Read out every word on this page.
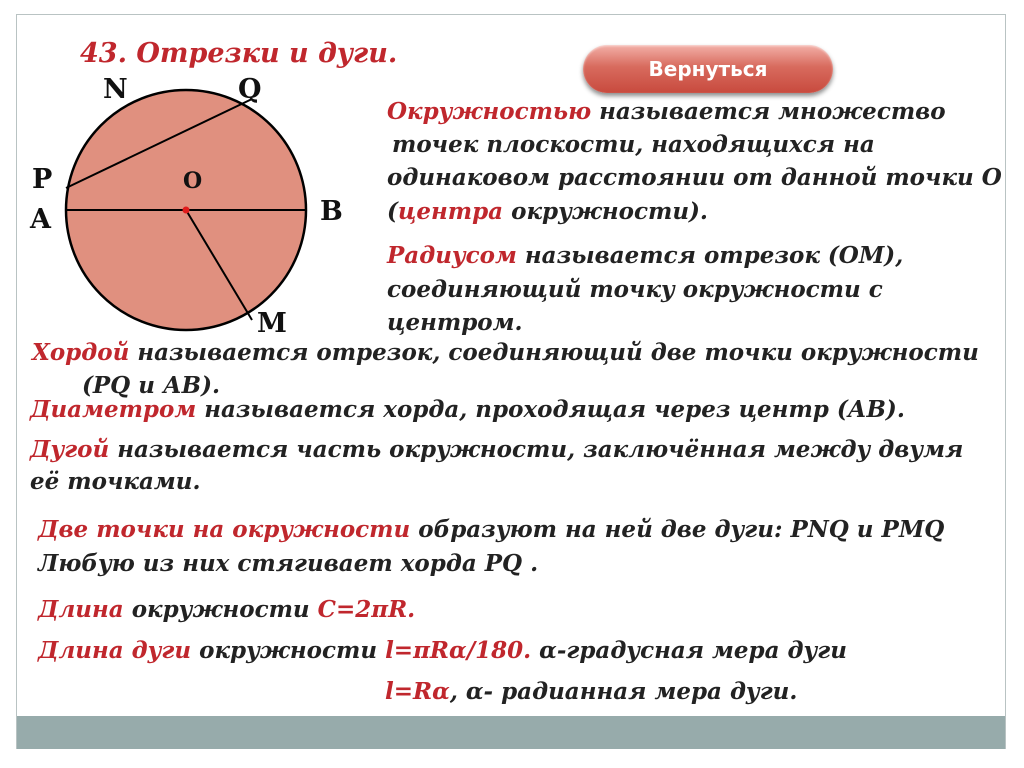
43. Отрезки и дуги.	Вернуться
N	Q
P
A
O
B
M
Окружностью называется множество
точек плоскости, находящихся на
одинаковом расстоянии от данной точки О
(центра окружности).
Радиусом называется отрезок (ОМ),
соединяющий точку окружности с
центром.
Хордой называется отрезок, соединяющий две точки окружности
(PQ и АВ).
Диаметром называется хорда, проходящая через центр (АВ).
Дугой называется часть окружности, заключённая между двумя
её точками.
Две точки на окружности образуют на ней две дуги: PNQ и PMQ
Любую из них стягивает хорда PQ .
Длина окружности С=2πR.
Длина дуги окружности l=πRα/180. α-градусная мера дуги
l=Rα, α- радианная мера дуги.
